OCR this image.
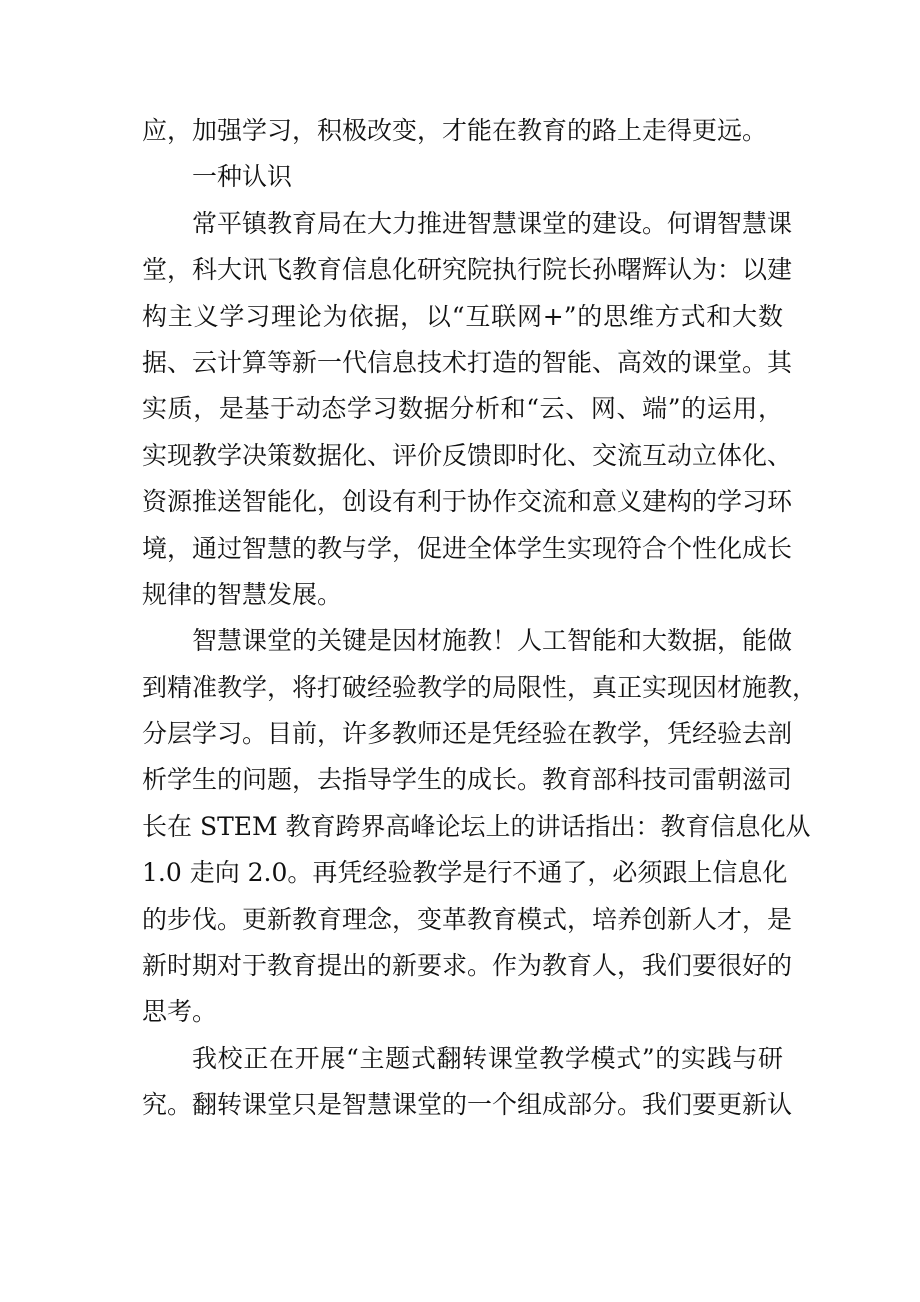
应，加强学习，积极改变，才能在教育的路上走得更远。
一种认识
常平镇教育局在大力推进智慧课堂的建设。何谓智慧课
堂，科大讯飞教育信息化研究院执行院长孙曙辉认为：以建
构主义学习理论为依据，以“互联网+”的思维方式和大数
据、云计算等新一代信息技术打造的智能、高效的课堂。其
实质，是基于动态学习数据分析和“云、网、端”的运用，
实现教学决策数据化、评价反馈即时化、交流互动立体化、
资源推送智能化，创设有利于协作交流和意义建构的学习环
境，通过智慧的教与学，促进全体学生实现符合个性化成长
规律的智慧发展。
智慧课堂的关键是因材施教！人工智能和大数据，能做
到精准教学，将打破经验教学的局限性，真正实现因材施教，
分层学习。目前，许多教师还是凭经验在教学，凭经验去剖
析学生的问题，去指导学生的成长。教育部科技司雷朝滋司
长在 STEM 教育跨界高峰论坛上的讲话指出：教育信息化从
1.0 走向 2.0。再凭经验教学是行不通了，必须跟上信息化
的步伐。更新教育理念，变革教育模式，培养创新人才，是
新时期对于教育提出的新要求。作为教育人，我们要很好的
思考。
我校正在开展“主题式翻转课堂教学模式”的实践与研
究。翻转课堂只是智慧课堂的一个组成部分。我们要更新认
